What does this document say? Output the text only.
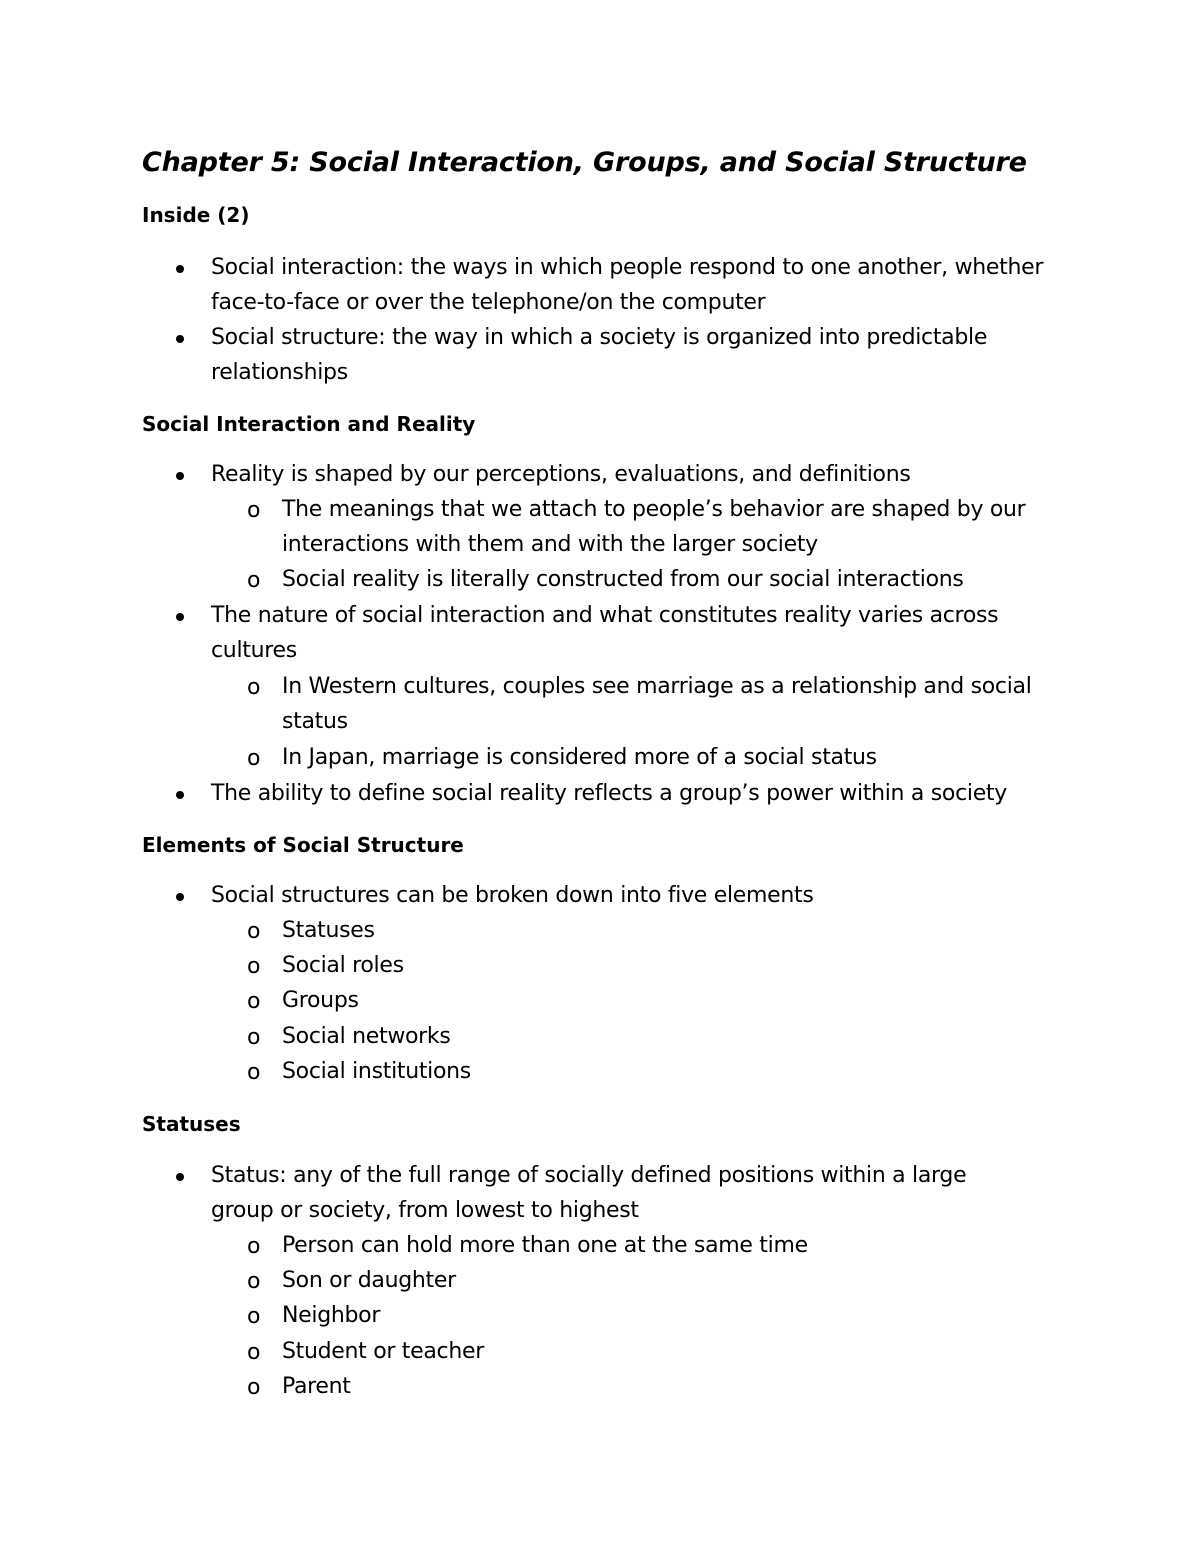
Chapter 5: Social Interaction, Groups, and Social Structure
Inside (2)

Social interaction: the ways in which people respond to one another, whether

face-to-face or over the telephone/on the computer

Social structure: the way in which a society is organized into predictable

relationships

Social Interaction and Reality

Reality is shaped by our perceptions, evaluations, and definitions

o The meanings that we attach to people’s behavior are shaped by our

interactions with them and with the larger society

o Social reality is literally constructed from our social interactions

The nature of social interaction and what constitutes reality varies across

cultures

o In Western cultures, couples see marriage as a relationship and social

status

o In Japan, marriage is considered more of a social status

The ability to define social reality reflects a group’s power within a society

Elements of Social Structure

Social structures can be broken down into five elements

o Statuses

o Social roles

o Groups

o Social networks

o Social institutions

Statuses

Status: any of the full range of socially defined positions within a large

group or society, from lowest to highest

o Person can hold more than one at the same time

o Son or daughter

o Neighbor

o Student or teacher

o Parent
